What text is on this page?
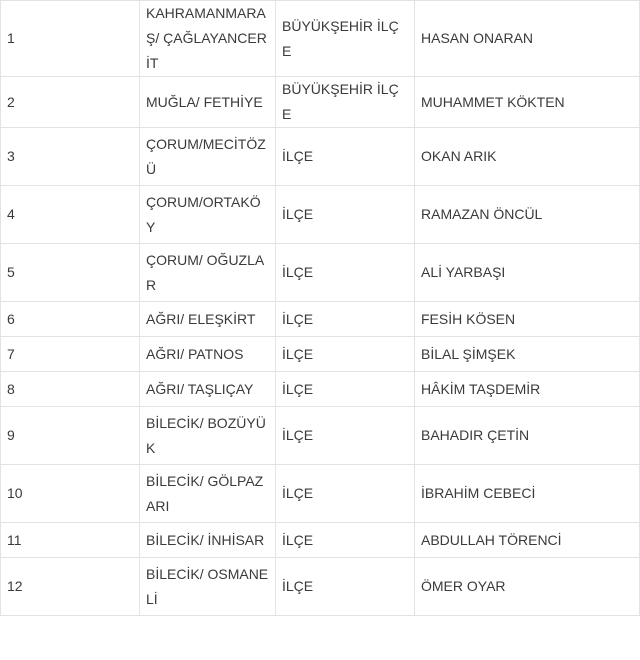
1	KAHRAMANMARAŞ/ ÇAĞLAYANCERİT	BÜYÜKŞEHİR İLÇE	HASAN ONARAN
2	MUĞLA/ FETHİYE	BÜYÜKŞEHİR İLÇE	MUHAMMET KÖKTEN
3	ÇORUM/MECİTÖZÜ	İLÇE	OKAN ARIK
4	ÇORUM/ORTAKÖY	İLÇE	RAMAZAN ÖNCÜL
5	ÇORUM/ OĞUZLAR	İLÇE	ALİ YARBAŞI
6	AĞRI/ ELEŞKİRT	İLÇE	FESİH KÖSEN
7	AĞRI/ PATNOS	İLÇE	BİLAL ŞİMŞEK
8	AĞRI/ TAŞLIÇAY	İLÇE	HÂKİM TAŞDEMİR
9	BİLECİK/ BOZÜYÜK	İLÇE	BAHADIR ÇETİN
10	BİLECİK/ GÖLPAZARI	İLÇE	İBRAHİM CEBECİ
11	BİLECİK/ İNHİSAR	İLÇE	ABDULLAH TÖRENCİ
12	BİLECİK/ OSMANELİ	İLÇE	ÖMER OYAR
